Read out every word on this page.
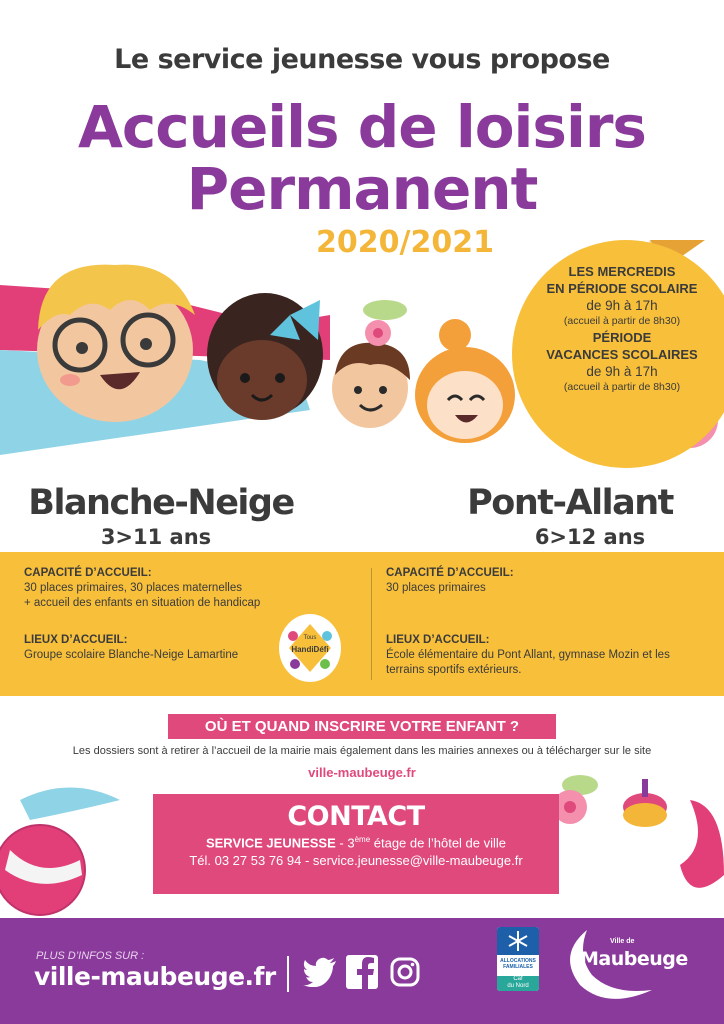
Le service jeunesse vous propose
Accueils de loisirs
Permanent
2020/2021
LES MERCREDIS
EN PÉRIODE SCOLAIRE
de 9h à 17h
(accueil à partir de 8h30)
PÉRIODE
VACANCES SCOLAIRES
de 9h à 17h
(accueil à partir de 8h30)
Blanche-Neige
3>11 ans
Pont-Allant
6>12 ans
CAPACITÉ D’ACCUEIL:
30 places primaires, 30 places maternelles
+ accueil des enfants en situation de handicap
LIEUX D’ACCUEIL:
Groupe scolaire Blanche-Neige Lamartine
CAPACITÉ D’ACCUEIL:
30 places primaires
LIEUX D’ACCUEIL:
École élémentaire du Pont Allant, gymnase Mozin et les
terrains sportifs extérieurs.
Tous
HandiDéfi
OÙ ET QUAND INSCRIRE VOTRE ENFANT ?
Les dossiers sont à retirer à l’accueil de la mairie mais également dans les mairies annexes ou à télécharger sur le site
ville-maubeuge.fr
CONTACT
SERVICE JEUNESSE - 3ème étage de l’hôtel de ville
Tél. 03 27 53 76 94 - service.jeunesse@ville-maubeuge.fr
PLUS D’INFOS SUR :
ville-maubeuge.fr
ALLOCATIONS
FAMILIALES
Caf
du Nord
Ville de
Maubeuge
